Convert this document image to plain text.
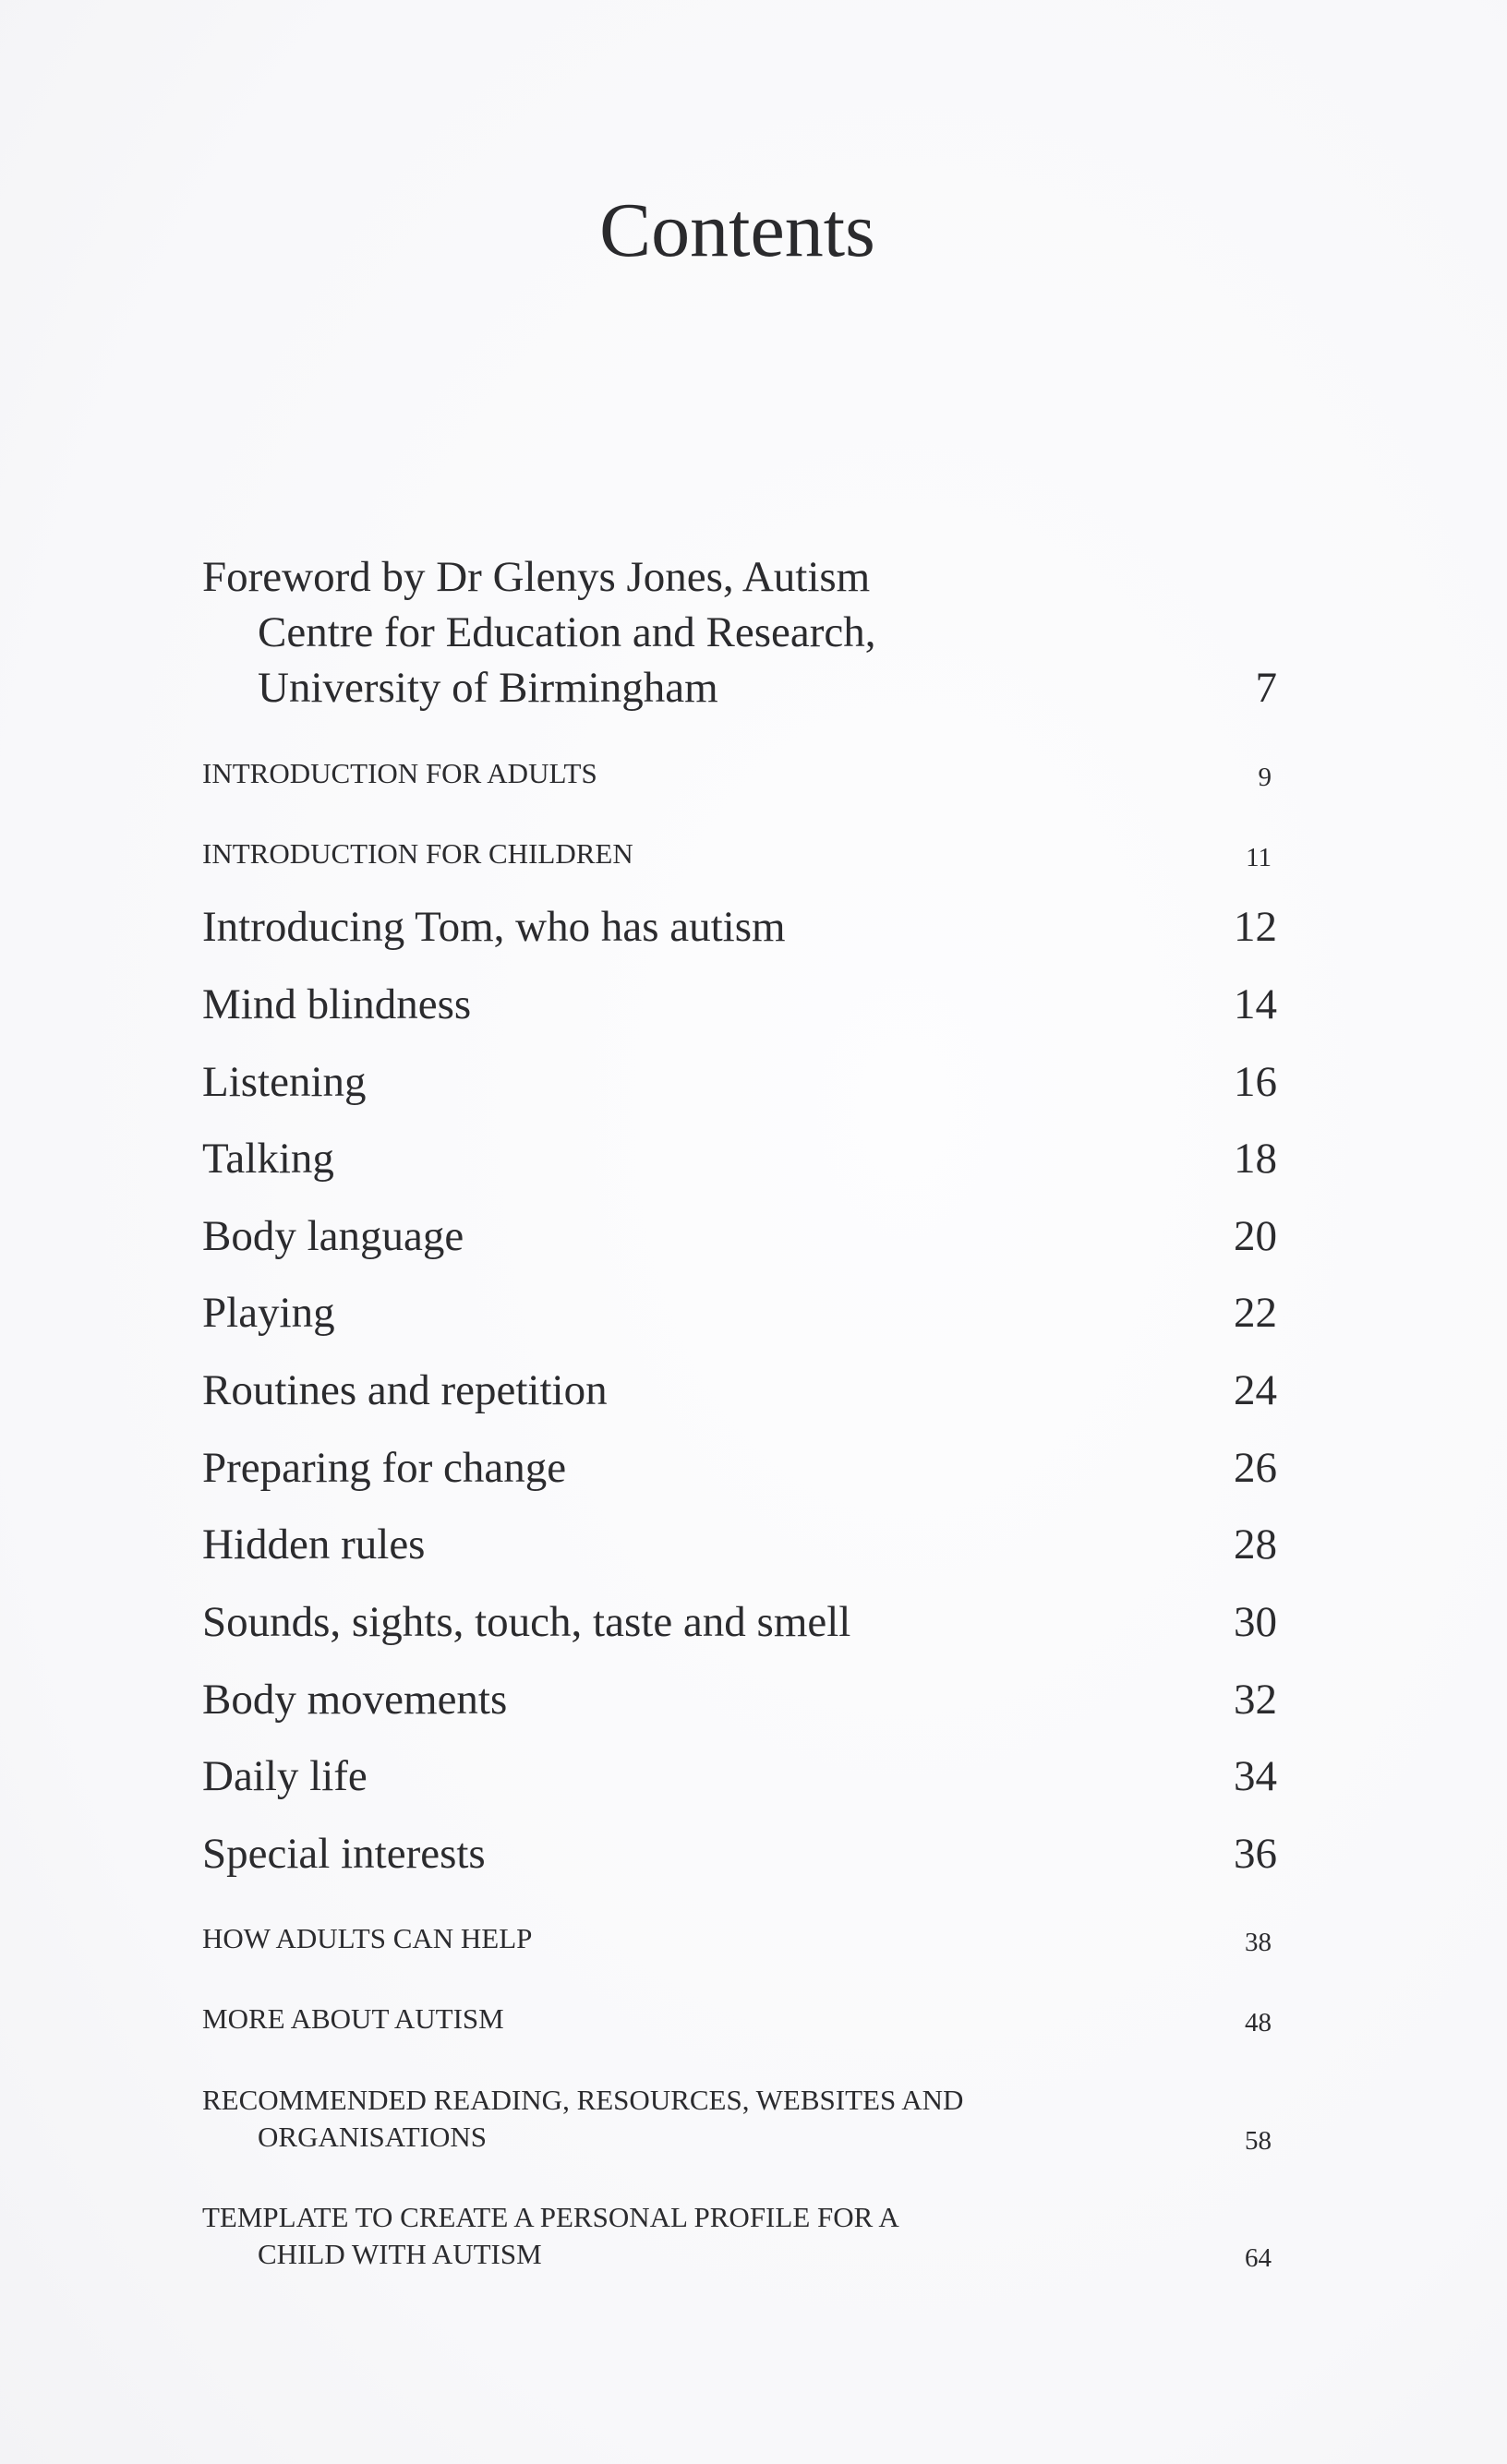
Contents
Foreword by Dr Glenys Jones, Autism
Centre for Education and Research,
University of Birmingham	7
INTRODUCTION FOR ADULTS	9
INTRODUCTION FOR CHILDREN	11
Introducing Tom, who has autism	12
Mind blindness	14
Listening	16
Talking	18
Body language	20
Playing	22
Routines and repetition	24
Preparing for change	26
Hidden rules	28
Sounds, sights, touch, taste and smell	30
Body movements	32
Daily life	34
Special interests	36
HOW ADULTS CAN HELP	38
MORE ABOUT AUTISM	48
RECOMMENDED READING, RESOURCES, WEBSITES AND
ORGANISATIONS	58
TEMPLATE TO CREATE A PERSONAL PROFILE FOR A
CHILD WITH AUTISM	64
